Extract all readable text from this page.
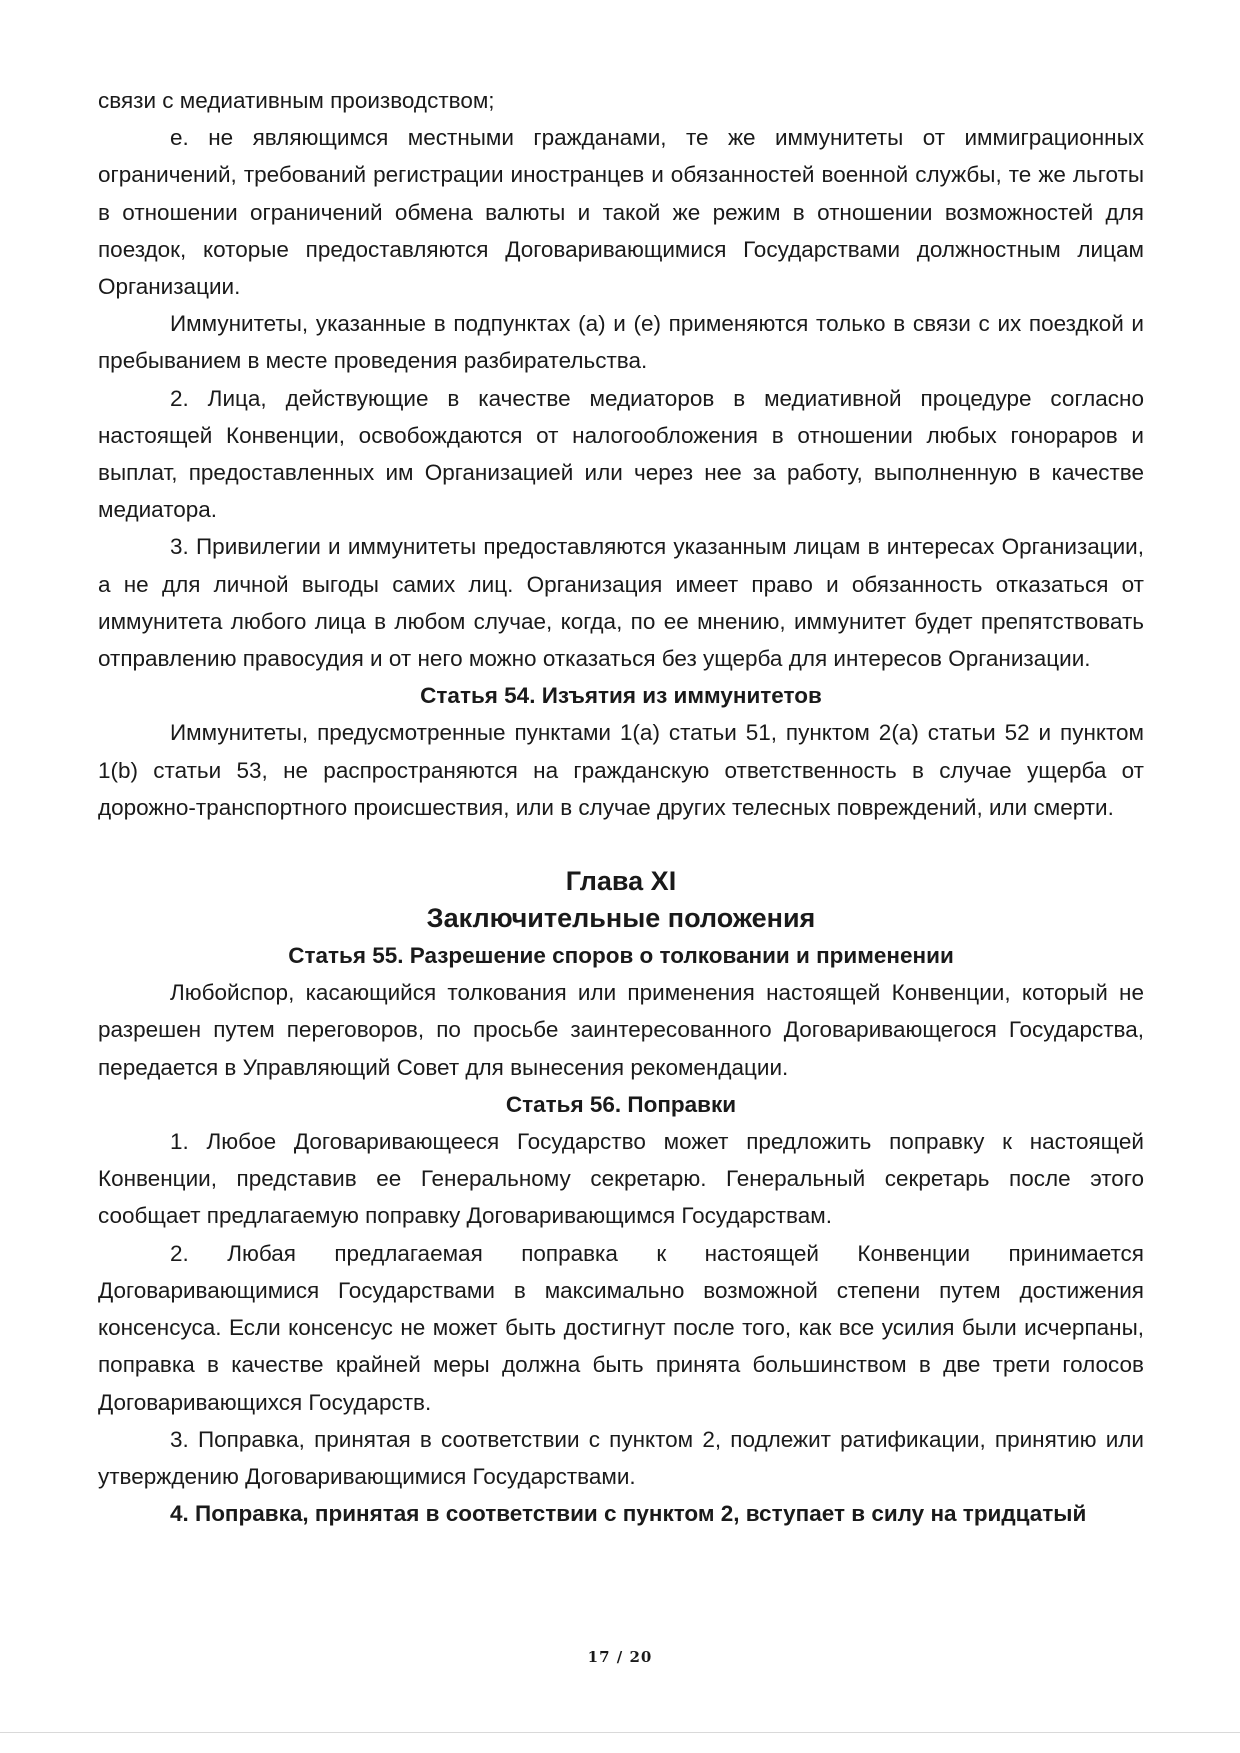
связи с медиативным производством;

е. не являющимся местными гражданами, те же иммунитеты от иммиграционных ограничений, требований регистрации иностранцев и обязанностей военной службы, те же льготы в отношении ограничений обмена валюты и такой же режим в отношении возможностей для поездок, которые предоставляются Договаривающимися Государствами должностным лицам Организации.

Иммунитеты, указанные в подпунктах (а) и (е) применяются только в связи с их поездкой и пребыванием в месте проведения разбирательства.

2. Лица, действующие в качестве медиаторов в медиативной процедуре согласно настоящей Конвенции, освобождаются от налогообложения в отношении любых гонораров и выплат, предоставленных им Организацией или через нее за работу, выполненную в качестве медиатора.

3. Привилегии и иммунитеты предоставляются указанным лицам в интересах Организации, а не для личной выгоды самих лиц. Организация имеет право и обязанность отказаться от иммунитета любого лица в любом случае, когда, по ее мнению, иммунитет будет препятствовать отправлению правосудия и от него можно отказаться без ущерба для интересов Организации.

Статья 54. Изъятия из иммунитетов

Иммунитеты, предусмотренные пунктами 1(а) статьи 51, пунктом 2(а) статьи 52 и пунктом 1(b) статьи 53, не распространяются на гражданскую ответственность в случае ущерба от дорожно-транспортного происшествия, или в случае других телесных повреждений, или смерти.

Глава XI

Заключительные положения

Статья 55. Разрешение споров о толковании и применении

Любойспор, касающийся толкования или применения настоящей Конвенции, который не разрешен путем переговоров, по просьбе заинтересованного Договаривающегося Государства, передается в Управляющий Совет для вынесения рекомендации.

Статья 56. Поправки

1. Любое Договаривающееся Государство может предложить поправку к настоящей Конвенции, представив ее Генеральному секретарю. Генеральный секретарь после этого сообщает предлагаемую поправку Договаривающимся Государствам.

2. Любая предлагаемая поправка к настоящей Конвенции принимается Договаривающимися Государствами в максимально возможной степени путем достижения консенсуса. Если консенсус не может быть достигнут после того, как все усилия были исчерпаны, поправка в качестве крайней меры должна быть принята большинством в две трети голосов Договаривающихся Государств.

3. Поправка, принятая в соответствии с пунктом 2, подлежит ратификации, принятию или утверждению Договаривающимися Государствами.

4. Поправка, принятая в соответствии с пунктом 2, вступает в силу на тридцатый

17 / 20
